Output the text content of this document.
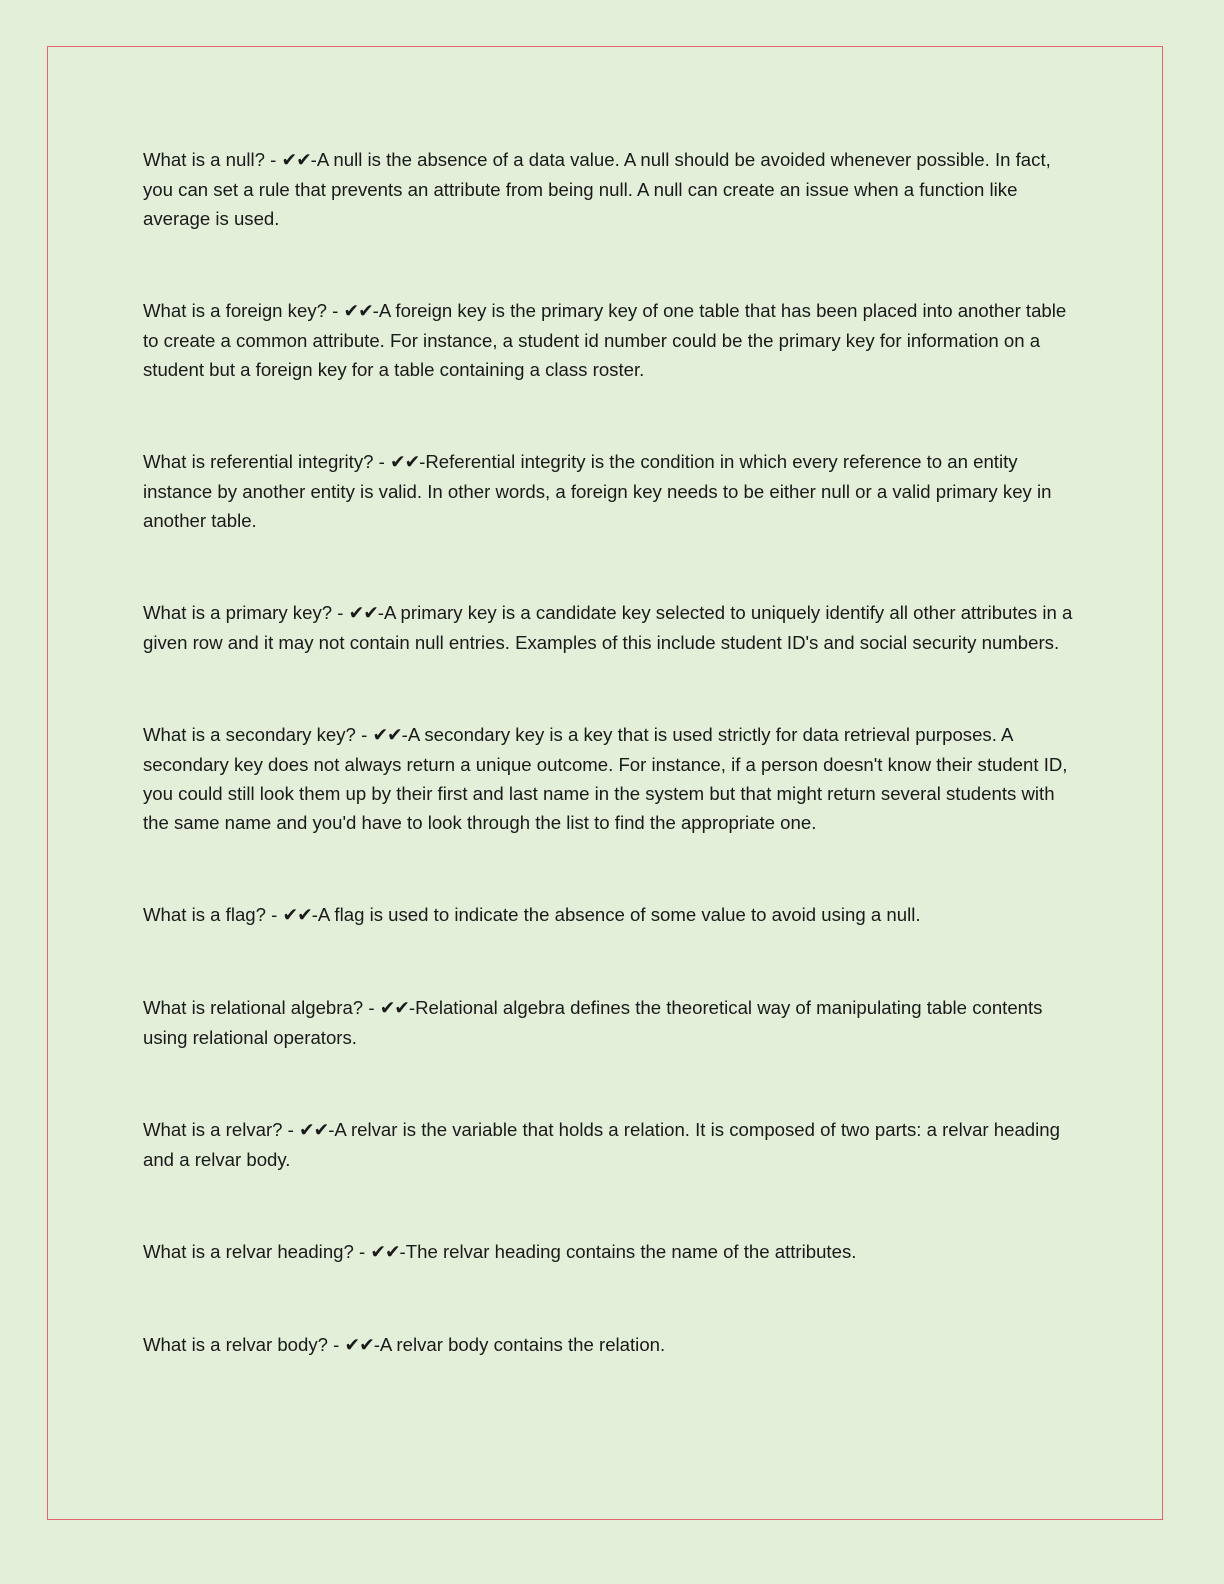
What is a null? - ✔✔-A null is the absence of a data value. A null should be avoided whenever possible. In fact, you can set a rule that prevents an attribute from being null. A null can create an issue when a function like average is used.
What is a foreign key? - ✔✔-A foreign key is the primary key of one table that has been placed into another table to create a common attribute. For instance, a student id number could be the primary key for information on a student but a foreign key for a table containing a class roster.
What is referential integrity? - ✔✔-Referential integrity is the condition in which every reference to an entity instance by another entity is valid. In other words, a foreign key needs to be either null or a valid primary key in another table.
What is a primary key? - ✔✔-A primary key is a candidate key selected to uniquely identify all other attributes in a given row and it may not contain null entries. Examples of this include student ID's and social security numbers.
What is a secondary key? - ✔✔-A secondary key is a key that is used strictly for data retrieval purposes. A secondary key does not always return a unique outcome. For instance, if a person doesn't know their student ID, you could still look them up by their first and last name in the system but that might return several students with the same name and you'd have to look through the list to find the appropriate one.
What is a flag? - ✔✔-A flag is used to indicate the absence of some value to avoid using a null.
What is relational algebra? - ✔✔-Relational algebra defines the theoretical way of manipulating table contents using relational operators.
What is a relvar? - ✔✔-A relvar is the variable that holds a relation. It is composed of two parts: a relvar heading and a relvar body.
What is a relvar heading? - ✔✔-The relvar heading contains the name of the attributes.
What is a relvar body? - ✔✔-A relvar body contains the relation.
